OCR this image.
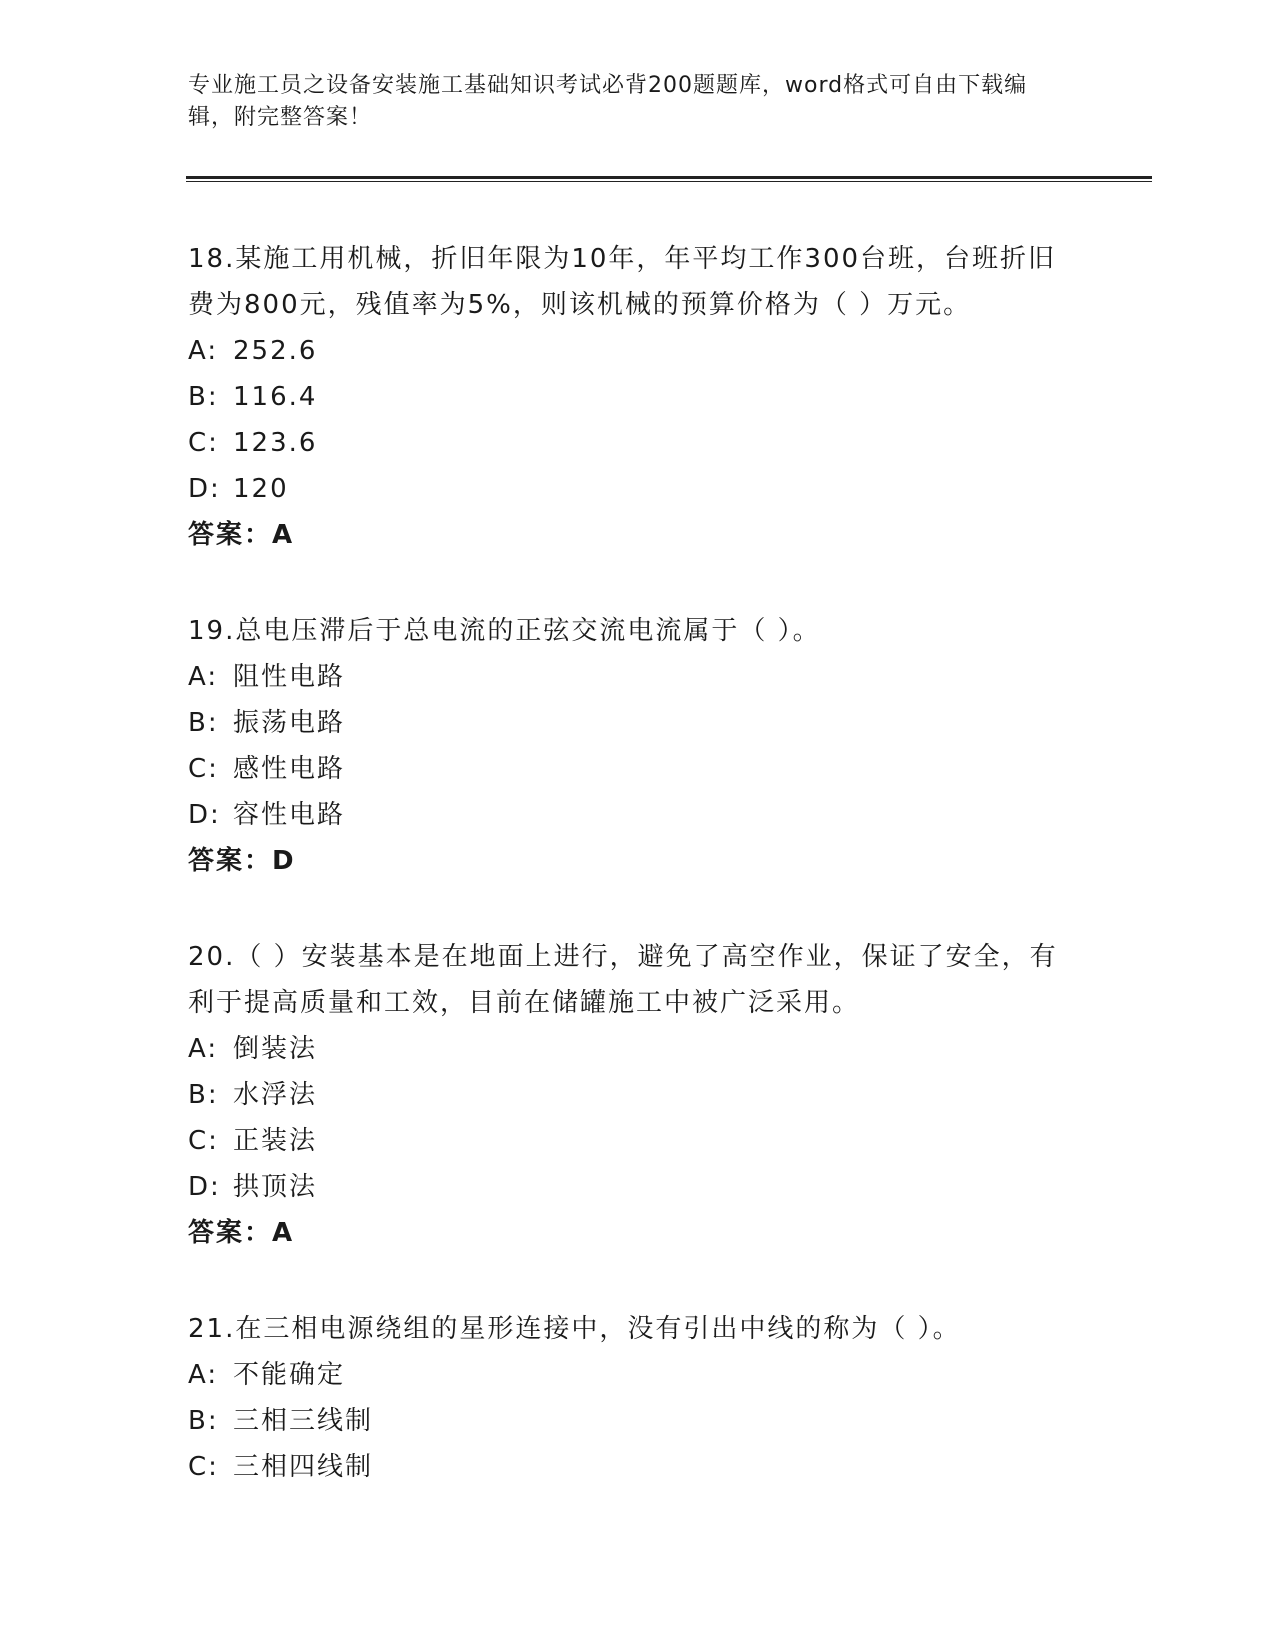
专业施工员之设备安装施工基础知识考试必背200题题库，word格式可自由下载编辑，附完整答案！
18.某施工用机械，折旧年限为10年，年平均工作300台班，台班折旧费为800元，残值率为5%，则该机械的预算价格为（ ）万元。
A: 252.6
B: 116.4
C: 123.6
D: 120
答案：A
19.总电压滞后于总电流的正弦交流电流属于（ ）。
A: 阻性电路
B: 振荡电路
C: 感性电路
D: 容性电路
答案：D
20.（ ）安装基本是在地面上进行，避免了高空作业，保证了安全，有利于提高质量和工效，目前在储罐施工中被广泛采用。
A: 倒装法
B: 水浮法
C: 正装法
D: 拱顶法
答案：A
21.在三相电源绕组的星形连接中，没有引出中线的称为（ ）。
A: 不能确定
B: 三相三线制
C: 三相四线制
